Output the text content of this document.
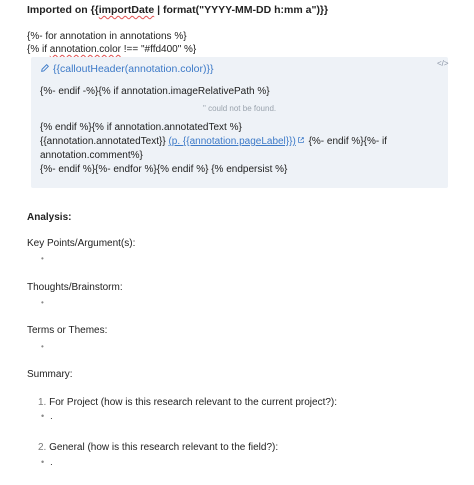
Imported on {{importDate | format("YYYY-MM-DD h:mm a")}}
{%- for annotation in annotations %}
{% if annotation.color !== "#ffd400" %}
{{calloutHeader(annotation.color)}}	</>
{%- endif -%}{% if annotation.imageRelativePath %}
" could not be found.
{% endif %}{% if annotation.annotatedText %}
{{annotation.annotatedText}} (p. {{annotation.pageLabel}}) {%- endif %}{%- if
annotation.comment%}
{%- endif %}{%- endfor %}{% endif %} {% endpersist %}
Analysis:
Key Points/Argument(s):
•
Thoughts/Brainstorm:
•
Terms or Themes:
•
Summary:
1. For Project (how is this research relevant to the current project?):
• .
2. General (how is this research relevant to the field?):
• .
